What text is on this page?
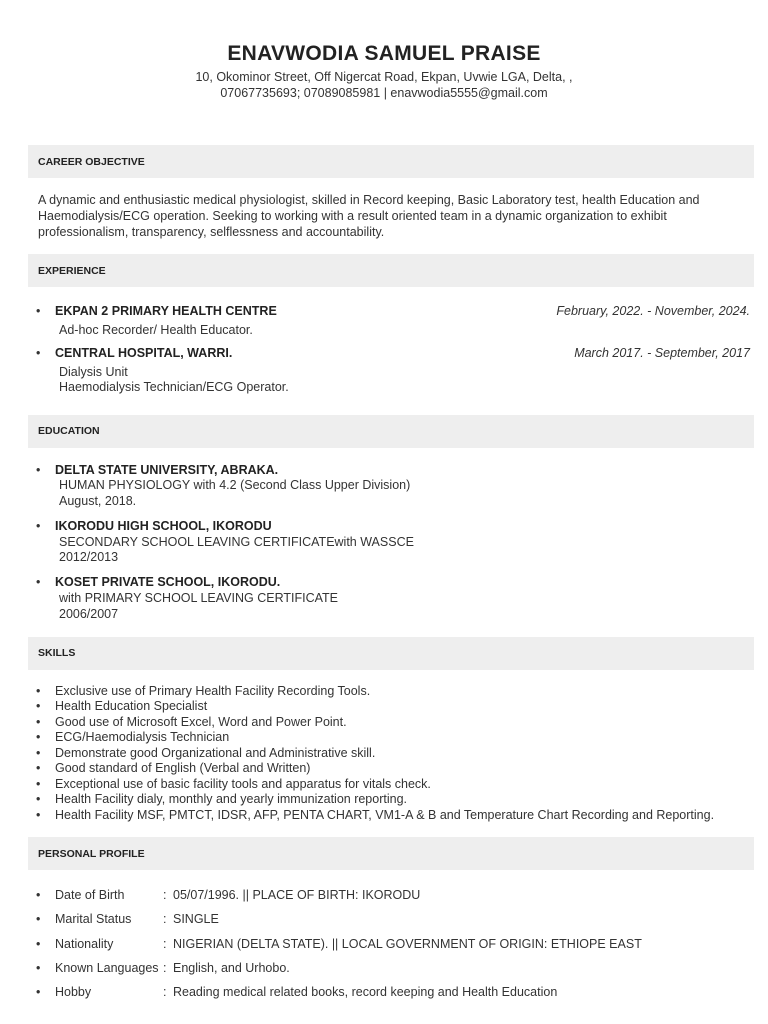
ENAVWODIA SAMUEL PRAISE
10, Okominor Street, Off Nigercat Road, Ekpan, Uvwie LGA, Delta, ,
07067735693; 07089085981 | enavwodia5555@gmail.com
CAREER OBJECTIVE
A dynamic and enthusiastic medical physiologist, skilled in Record keeping, Basic Laboratory test, health Education and Haemodialysis/ECG operation. Seeking to working with a result oriented team in a dynamic organization to exhibit professionalism, transparency, selflessness and accountability.
EXPERIENCE
• EKPAN 2 PRIMARY HEALTH CENTRE	February, 2022. - November, 2024.
Ad-hoc Recorder/ Health Educator.
• CENTRAL HOSPITAL, WARRI.	March 2017. - September, 2017
Dialysis Unit
Haemodialysis Technician/ECG Operator.
EDUCATION
• DELTA STATE UNIVERSITY, ABRAKA.
HUMAN PHYSIOLOGY with 4.2 (Second Class Upper Division)
August, 2018.
• IKORODU HIGH SCHOOL, IKORODU
SECONDARY SCHOOL LEAVING CERTIFICATEwith WASSCE
2012/2013
• KOSET PRIVATE SCHOOL, IKORODU.
with PRIMARY SCHOOL LEAVING CERTIFICATE
2006/2007
SKILLS
• Exclusive use of Primary Health Facility Recording Tools.
• Health Education Specialist
• Good use of Microsoft Excel, Word and Power Point.
• ECG/Haemodialysis Technician
• Demonstrate good Organizational and Administrative skill.
• Good standard of English (Verbal and Written)
• Exceptional use of basic facility tools and apparatus for vitals check.
• Health Facility dialy, monthly and yearly immunization reporting.
• Health Facility MSF, PMTCT, IDSR, AFP, PENTA CHART, VM1-A & B and Temperature Chart Recording and Reporting.
PERSONAL PROFILE
• Date of Birth	: 05/07/1996. || PLACE OF BIRTH: IKORODU
• Marital Status	: SINGLE
• Nationality	: NIGERIAN (DELTA STATE). || LOCAL GOVERNMENT OF ORIGIN: ETHIOPE EAST
• Known Languages : English, and Urhobo.
• Hobby	: Reading medical related books, record keeping and Health Education
